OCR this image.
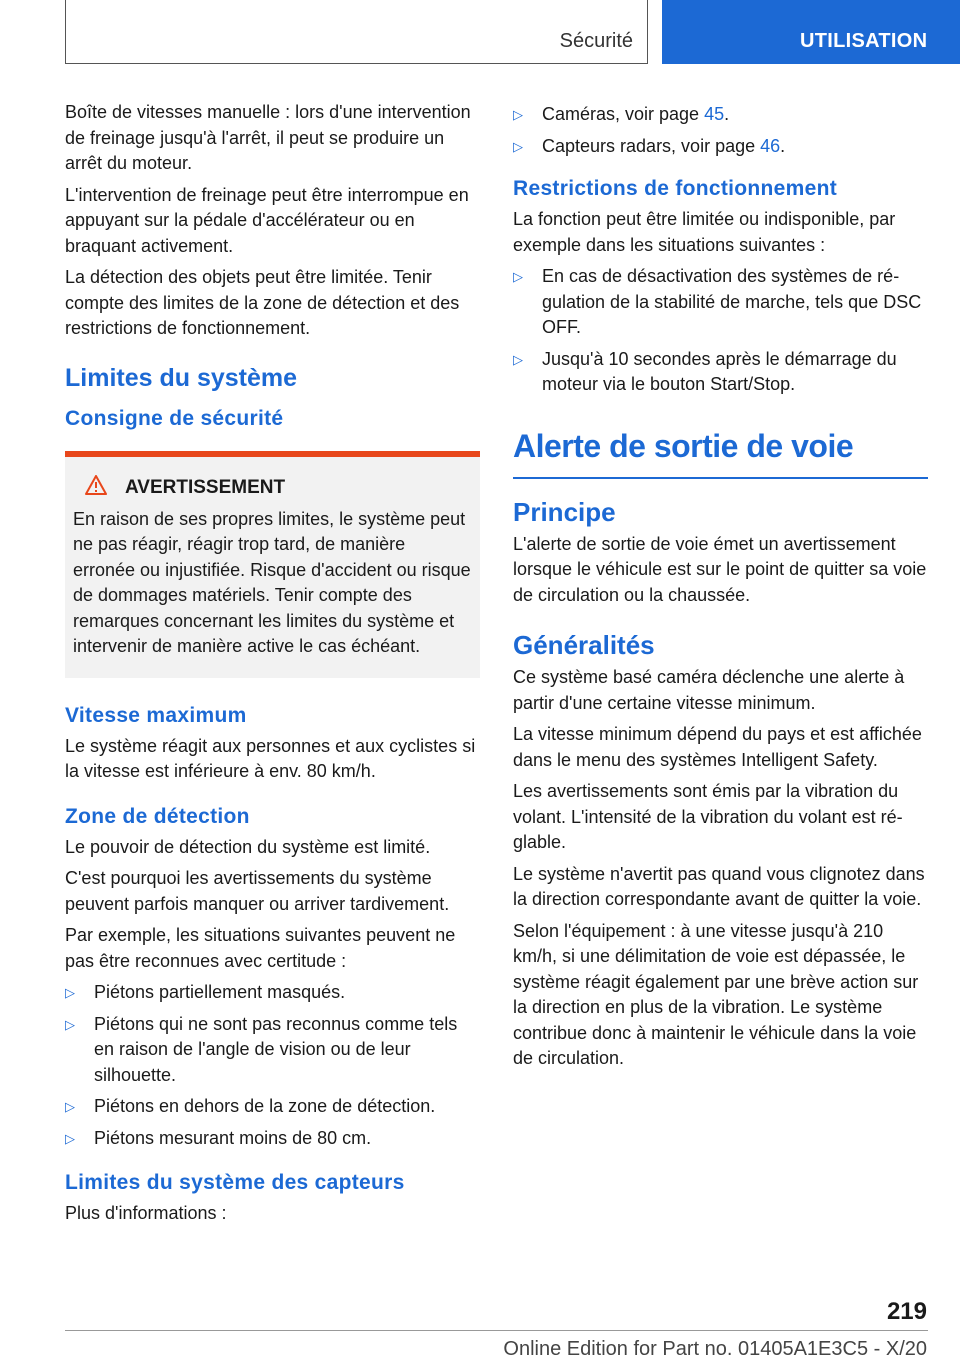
Sécurité	UTILISATION

Boîte de vitesses manuelle : lors d'une intervention de freinage jusqu'à l'arrêt, il peut se produire un arrêt du moteur.

L'intervention de freinage peut être interrompue en appuyant sur la pédale d'accélérateur ou en braquant activement.

La détection des objets peut être limitée. Tenir compte des limites de la zone de détection et des restrictions de fonctionnement.

Limites du système
Consigne de sécurité
AVERTISSEMENT

En raison de ses propres limites, le système peut ne pas réagir, réagir trop tard, de manière erronée ou injustifiée. Risque d'accident ou risque de dommages matériels. Tenir compte des remarques concernant les limites du système et intervenir de manière active le cas échéant.

Vitesse maximum

Le système réagit aux personnes et aux cyclistes si la vitesse est inférieure à env. 80 km/h.

Zone de détection

Le pouvoir de détection du système est limité.

C'est pourquoi les avertissements du système peuvent parfois manquer ou arriver tardivement.

Par exemple, les situations suivantes peuvent ne pas être reconnues avec certitude :

▷ Piétons partiellement masqués.
▷ Piétons qui ne sont pas reconnus comme tels en raison de l'angle de vision ou de leur silhouette.
▷ Piétons en dehors de la zone de détection.
▷ Piétons mesurant moins de 80 cm.
Limites du système des capteurs

Plus d'informations :

▷ Caméras, voir page 45.
▷ Capteurs radars, voir page 46.
Restrictions de fonctionnement

La fonction peut être limitée ou indisponible, par exemple dans les situations suivantes :

▷ En cas de désactivation des systèmes de régulation de la stabilité de marche, tels que DSC OFF.
▷ Jusqu'à 10 secondes après le démarrage du moteur via le bouton Start/Stop.
Alerte de sortie de voie
Principe

L'alerte de sortie de voie émet un avertissement lorsque le véhicule est sur le point de quitter sa voie de circulation ou la chaussée.

Généralités

Ce système basé caméra déclenche une alerte à partir d'une certaine vitesse minimum.

La vitesse minimum dépend du pays et est affichée dans le menu des systèmes Intelligent Safety.

Les avertissements sont émis par la vibration du volant. L'intensité de la vibration du volant est réglable.

Le système n'avertit pas quand vous clignotez dans la direction correspondante avant de quitter la voie.

Selon l'équipement : à une vitesse jusqu'à 210 km/h, si une délimitation de voie est dépassée, le système réagit également par une brève action sur la direction en plus de la vibration. Le système contribue donc à maintenir le véhicule dans la voie de circulation.

219
Online Edition for Part no. 01405A1E3C5 - X/20
